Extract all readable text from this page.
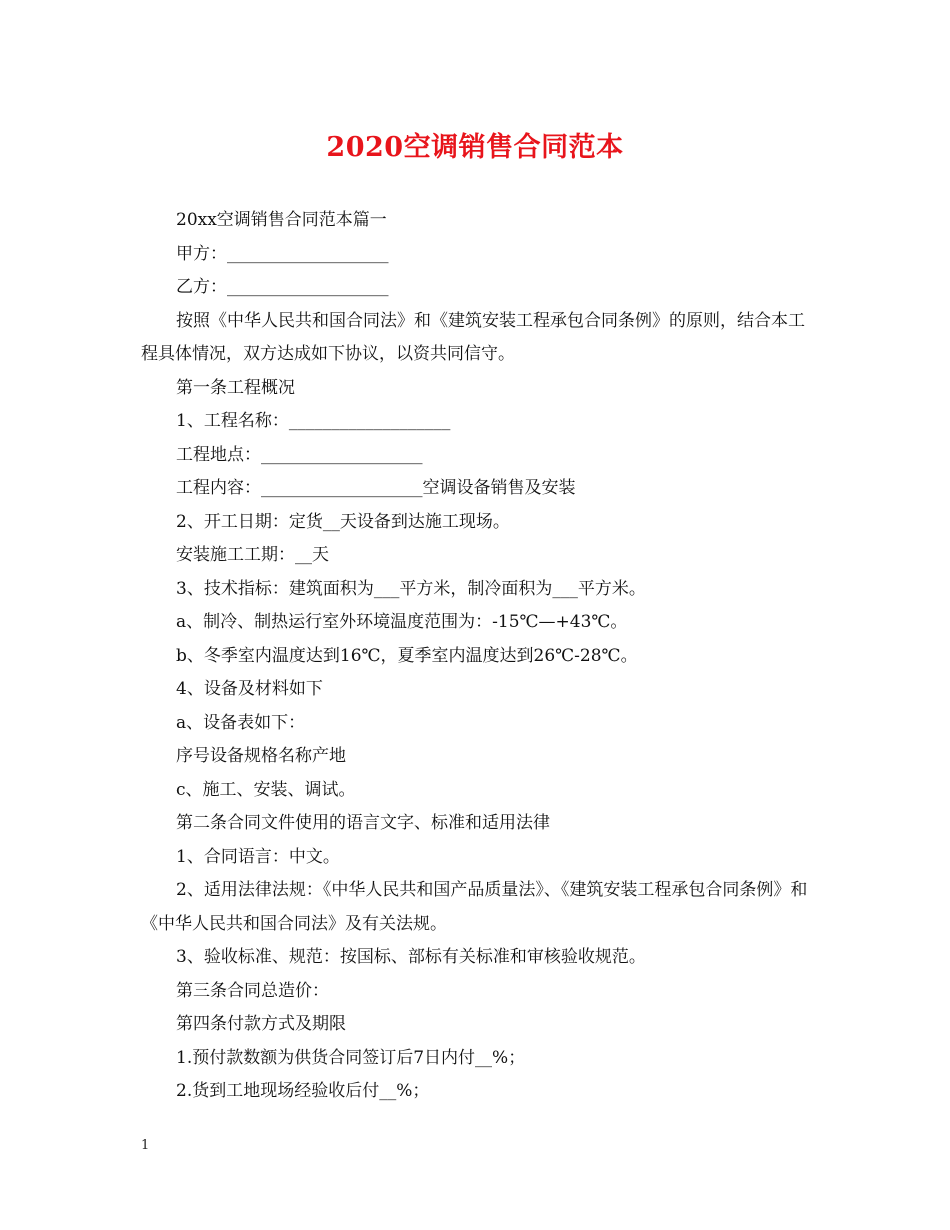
2020空调销售合同范本

20xx空调销售合同范本篇一

甲方：___________________

乙方：___________________

按照《中华人民共和国合同法》和《建筑安装工程承包合同条例》的原则，结合本工程具体情况，双方达成如下协议，以资共同信守。

第一条工程概况

1、工程名称：___________________

工程地点：___________________

工程内容：___________________空调设备销售及安装

2、开工日期：定货__天设备到达施工现场。

安装施工工期：__天

3、技术指标：建筑面积为___平方米，制冷面积为___平方米。

a、制冷、制热运行室外环境温度范围为：-15℃—+43℃。

b、冬季室内温度达到16℃，夏季室内温度达到26℃-28℃。

4、设备及材料如下

a、设备表如下：

序号设备规格名称产地

c、施工、安装、调试。

第二条合同文件使用的语言文字、标准和适用法律

1、合同语言：中文。

2、适用法律法规：《中华人民共和国产品质量法》、《建筑安装工程承包合同条例》和《中华人民共和国合同法》及有关法规。

3、验收标准、规范：按国标、部标有关标准和审核验收规范。

第三条合同总造价：

第四条付款方式及期限

1.预付款数额为供货合同签订后7日内付__%；

2.货到工地现场经验收后付__%；

1
